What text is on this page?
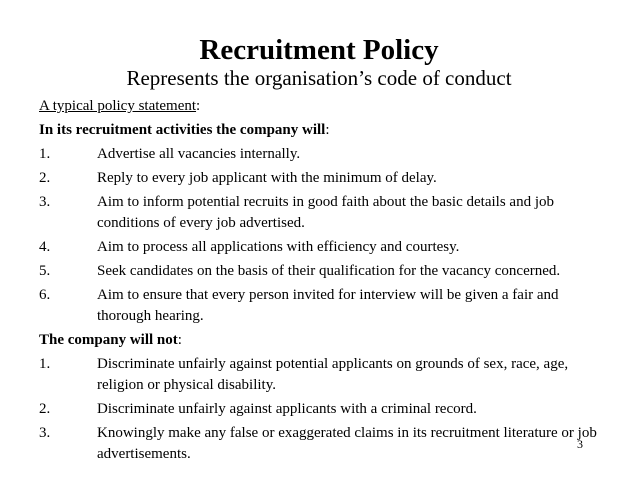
Recruitment Policy
Represents the organisation’s code of conduct

A typical policy statement:

In its recruitment activities the company will:

1.	Advertise all vacancies internally.
2.	Reply to every job applicant with the minimum of delay.
3.	Aim to inform potential recruits in good faith about the basic details and job conditions of every job advertised.
4.	Aim to process all applications with efficiency and courtesy.
5.	Seek candidates on the basis of their qualification for the vacancy concerned.
6.	Aim to ensure that every person invited for interview will be given a fair and thorough hearing.

The company will not:

1.	Discriminate unfairly against potential applicants on grounds of sex, race, age, religion or physical disability.
2.	Discriminate unfairly against applicants with a criminal record.
3.	Knowingly make any false or exaggerated claims in its recruitment literature or job advertisements.
3
